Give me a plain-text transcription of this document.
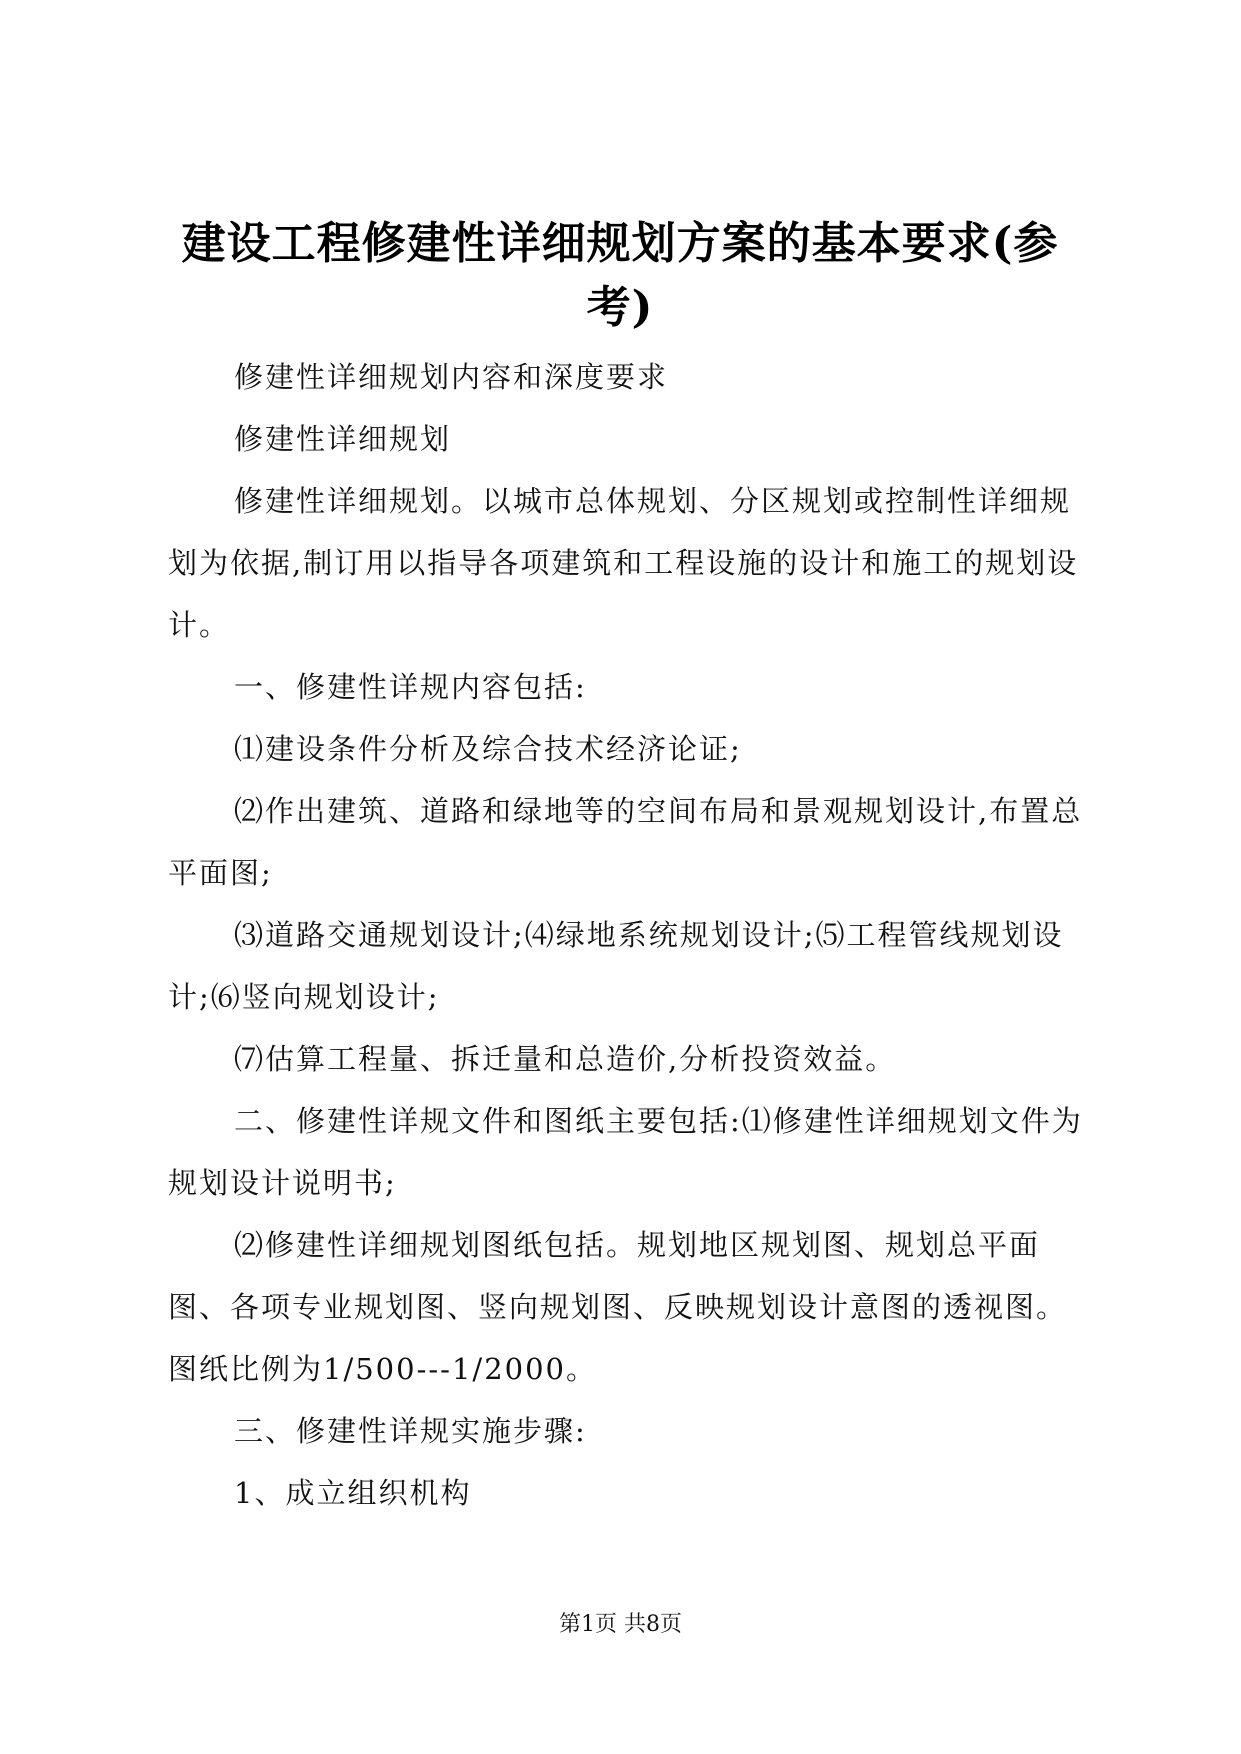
建设工程修建性详细规划方案的基本要求(参考)

修建性详细规划内容和深度要求

修建性详细规划

修建性详细规划。以城市总体规划、分区规划或控制性详细规划为依据,制订用以指导各项建筑和工程设施的设计和施工的规划设计。

一、修建性详规内容包括:

⑴建设条件分析及综合技术经济论证;

⑵作出建筑、道路和绿地等的空间布局和景观规划设计,布置总平面图;

⑶道路交通规划设计;⑷绿地系统规划设计;⑸工程管线规划设计;⑹竖向规划设计;

⑺估算工程量、拆迁量和总造价,分析投资效益。

二、修建性详规文件和图纸主要包括:⑴修建性详细规划文件为规划设计说明书;

⑵修建性详细规划图纸包括。规划地区规划图、规划总平面图、各项专业规划图、竖向规划图、反映规划设计意图的透视图。图纸比例为1/500---1/2000。

三、修建性详规实施步骤:

1、成立组织机构

第1页 共8页
